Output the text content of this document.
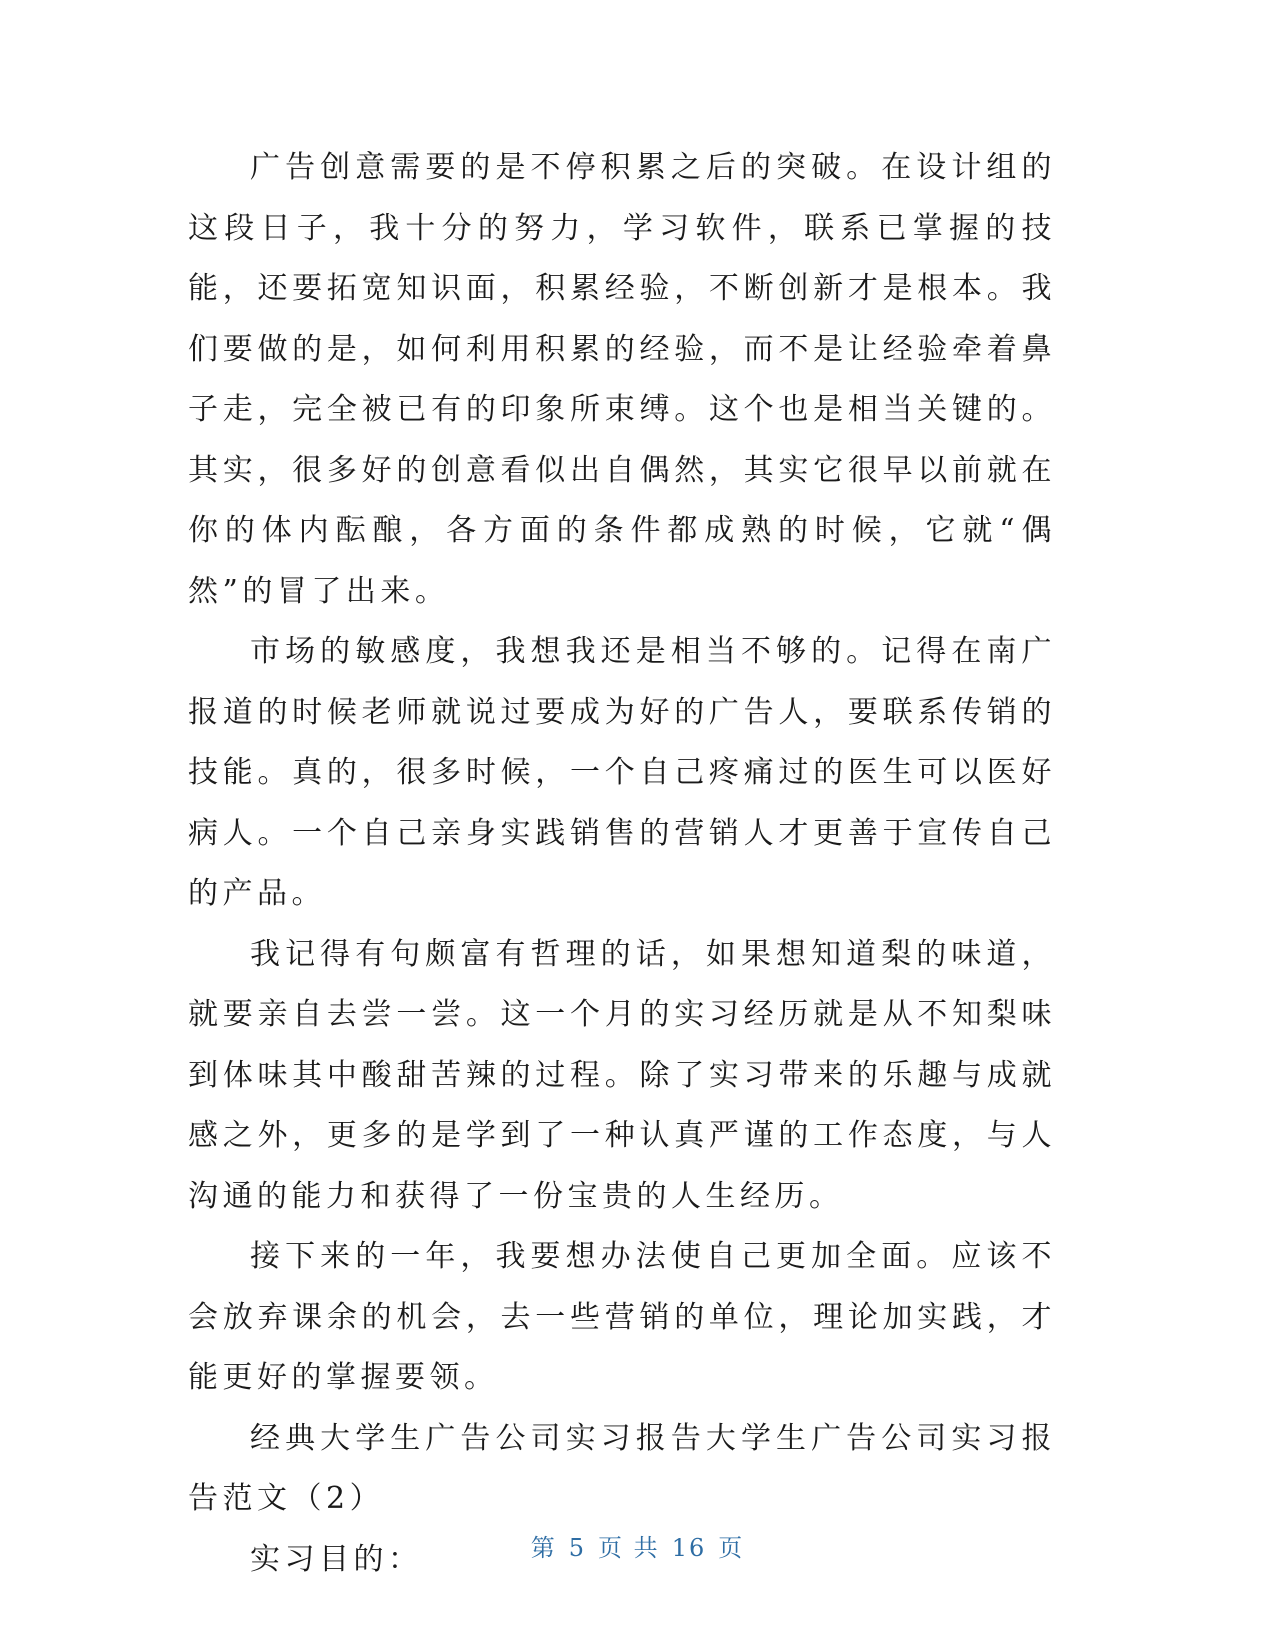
广告创意需要的是不停积累之后的突破。在设计组的这段日子，我十分的努力，学习软件，联系已掌握的技能，还要拓宽知识面，积累经验，不断创新才是根本。我们要做的是，如何利用积累的经验，而不是让经验牵着鼻子走，完全被已有的印象所束缚。这个也是相当关键的。其实，很多好的创意看似出自偶然，其实它很早以前就在你的体内酝酿，各方面的条件都成熟的时候，它就“偶然”的冒了出来。

市场的敏感度，我想我还是相当不够的。记得在南广报道的时候老师就说过要成为好的广告人，要联系传销的技能。真的，很多时候，一个自己疼痛过的医生可以医好病人。一个自己亲身实践销售的营销人才更善于宣传自己的产品。

我记得有句颇富有哲理的话，如果想知道梨的味道，就要亲自去尝一尝。这一个月的实习经历就是从不知梨味到体味其中酸甜苦辣的过程。除了实习带来的乐趣与成就感之外，更多的是学到了一种认真严谨的工作态度，与人沟通的能力和获得了一份宝贵的人生经历。

接下来的一年，我要想办法使自己更加全面。应该不会放弃课余的机会，去一些营销的单位，理论加实践，才能更好的掌握要领。

经典大学生广告公司实习报告大学生广告公司实习报告范文（2）

实习目的：	第 5 页 共 16 页
